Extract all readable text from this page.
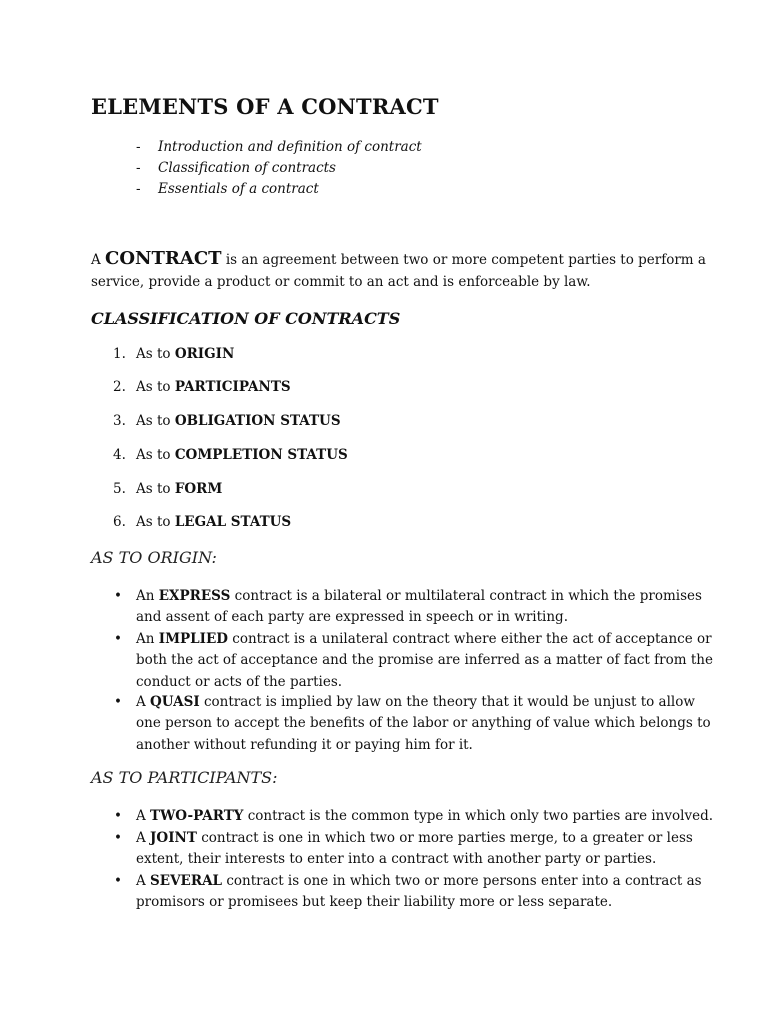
ELEMENTS OF A CONTRACT
- Introduction and definition of contract
- Classification of contracts
- Essentials of a contract
A CONTRACT is an agreement between two or more competent parties to perform a
service, provide a product or commit to an act and is enforceable by law.
CLASSIFICATION OF CONTRACTS
1. As to ORIGIN
2. As to PARTICIPANTS
3. As to OBLIGATION STATUS
4. As to COMPLETION STATUS
5. As to FORM
6. As to LEGAL STATUS
AS TO ORIGIN:
• An EXPRESS contract is a bilateral or multilateral contract in which the promises
and assent of each party are expressed in speech or in writing.
• An IMPLIED contract is a unilateral contract where either the act of acceptance or
both the act of acceptance and the promise are inferred as a matter of fact from the
conduct or acts of the parties.
• A QUASI contract is implied by law on the theory that it would be unjust to allow
one person to accept the benefits of the labor or anything of value which belongs to
another without refunding it or paying him for it.
AS TO PARTICIPANTS:
• A TWO-PARTY contract is the common type in which only two parties are involved.
• A JOINT contract is one in which two or more parties merge, to a greater or less
extent, their interests to enter into a contract with another party or parties.
• A SEVERAL contract is one in which two or more persons enter into a contract as
promisors or promisees but keep their liability more or less separate.
